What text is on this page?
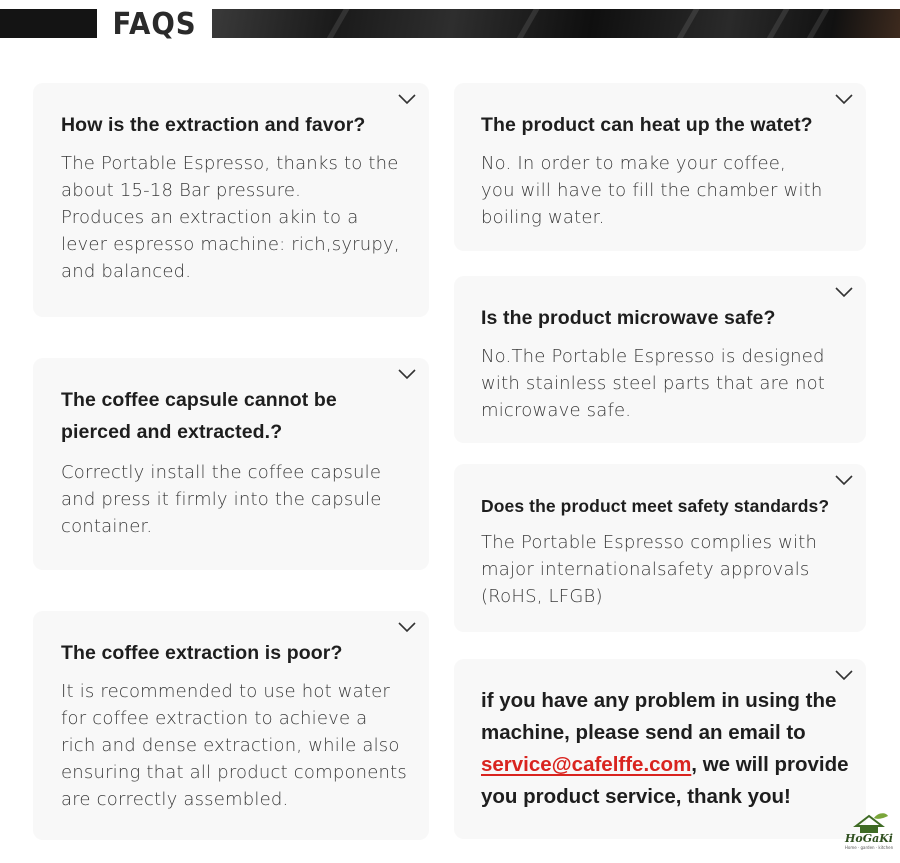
FAQS
How is the extraction and favor?
The Portable Espresso, thanks to the
about 15-18 Bar pressure.
Produces an extraction akin to a
lever espresso machine: rich,syrupy,
and balanced.
The coffee capsule cannot be
pierced and extracted.?
Correctly install the coffee capsule
and press it firmly into the capsule
container.
The coffee extraction is poor?
It is recommended to use hot water
for coffee extraction to achieve a
rich and dense extraction, while also
ensuring that all product components
are correctly assembled.
The product can heat up the watet?
No. In order to make your coffee,
you will have to fill the chamber with
boiling water.
Is the product microwave safe?
No.The Portable Espresso is designed
with stainless steel parts that are not
microwave safe.
Does the product meet safety standards?
The Portable Espresso complies with
major internationalsafety approvals
(RoHS, LFGB)
if you have any problem in using the
machine, please send an email to
service@cafelffe.com, we will provide
you product service, thank you!
HoGaKi
Home · garden · kitchen
